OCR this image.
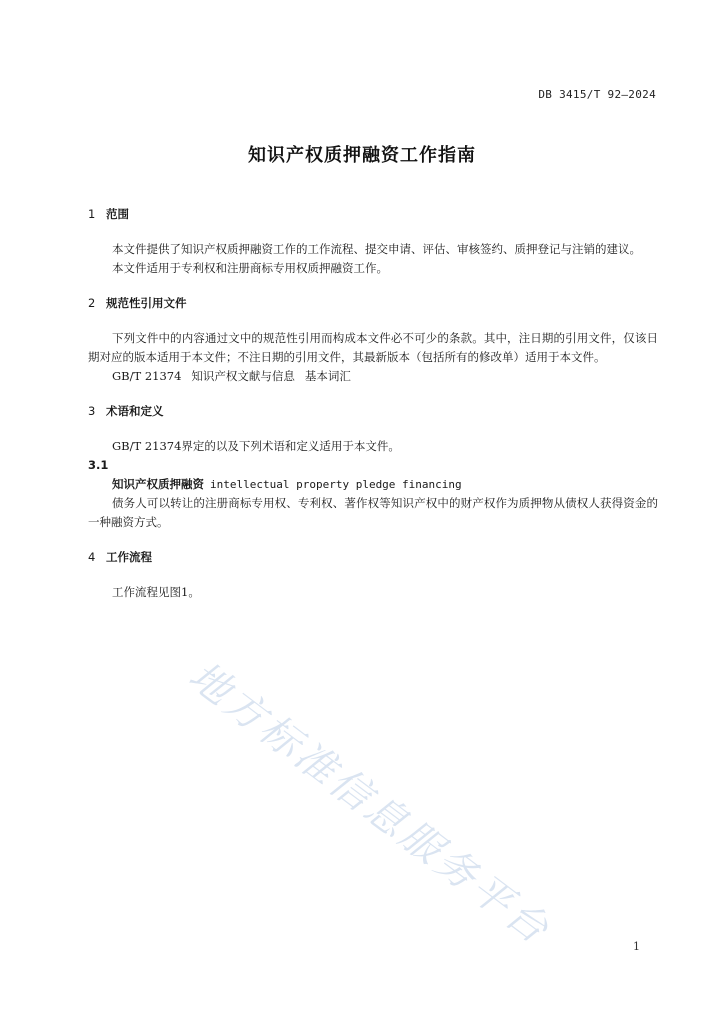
DB 3415/T 92—2024
知识产权质押融资工作指南
1 范围

本文件提供了知识产权质押融资工作的工作流程、提交申请、评估、审核签约、质押登记与注销的建议。

本文件适用于专利权和注册商标专用权质押融资工作。

2 规范性引用文件

下列文件中的内容通过文中的规范性引用而构成本文件必不可少的条款。其中，注日期的引用文件，仅该日期对应的版本适用于本文件；不注日期的引用文件，其最新版本（包括所有的修改单）适用于本文件。

GB/T 21374 知识产权文献与信息 基本词汇

3 术语和定义

GB/T 21374界定的以及下列术语和定义适用于本文件。

3.1

知识产权质押融资 intellectual property pledge financing

债务人可以转让的注册商标专用权、专利权、著作权等知识产权中的财产权作为质押物从债权人获得资金的一种融资方式。

4 工作流程

工作流程见图1。

地方标准信息服务平台	1
